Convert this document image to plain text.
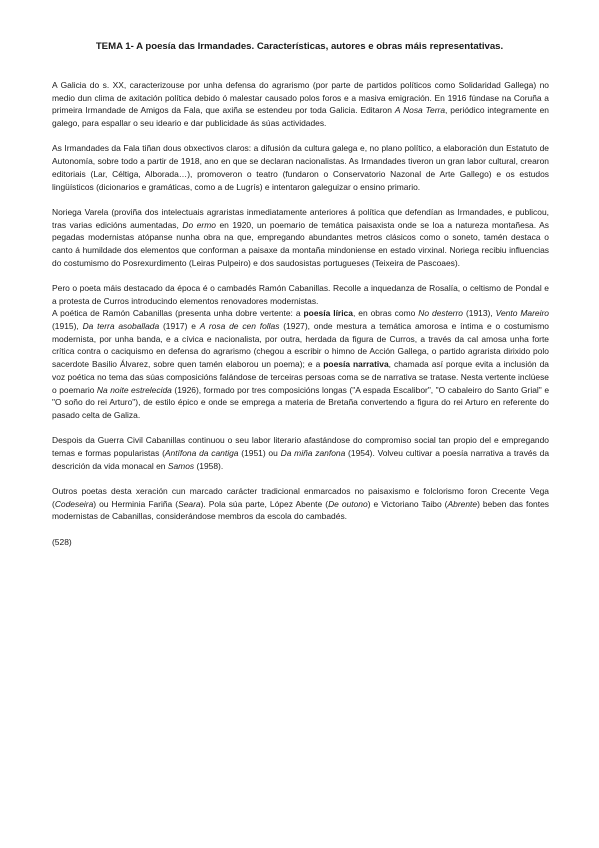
TEMA 1- A poesía das Irmandades. Características, autores e obras máis representativas.

A Galicia do s. XX, caracterizouse por unha defensa do agrarismo (por parte de partidos políticos como Solidaridad Gallega) no medio dun clima de axitación política debido ó malestar causado polos foros e a masiva emigración. En 1916 fúndase na Coruña a primeira Irmandade de Amigos da Fala, que axiña se estendeu por toda Galicia. Editaron A Nosa Terra, periódico integramente en galego, para espallar o seu ideario e dar publicidade ás súas actividades.

As Irmandades da Fala tiñan dous obxectivos claros: a difusión da cultura galega e, no plano político, a elaboración dun Estatuto de Autonomía, sobre todo a partir de 1918, ano en que se declaran nacionalistas. As Irmandades tiveron un gran labor cultural, crearon editoriais (Lar, Céltiga, Alborada…), promoveron o teatro (fundaron o Conservatorio Nazonal de Arte Gallego) e os estudos lingüísticos (dicionarios e gramáticas, como a de Lugrís) e intentaron galeguizar o ensino primario.

Noriega Varela (proviña dos intelectuais agraristas inmediatamente anteriores á política que defendían as Irmandades, e publicou, tras varias edicións aumentadas, Do ermo en 1920, un poemario de temática paisaxista onde se loa a natureza montañesa. As pegadas modernistas atópanse nunha obra na que, empregando abundantes metros clásicos como o soneto, tamén destaca o canto á humildade dos elementos que conforman a paisaxe da montaña mindoniense en estado virxinal. Noriega recibiu influencias do costumismo do Posrexurdimento (Leiras Pulpeiro) e dos saudosistas portugueses (Teixeira de Pascoaes).

Pero o poeta máis destacado da época é o cambadés Ramón Cabanillas. Recolle a inquedanza de Rosalía, o celtismo de Pondal e a protesta de Curros introducindo elementos renovadores modernistas.

A poética de Ramón Cabanillas (presenta unha dobre vertente: a poesía lírica, en obras como No desterro (1913), Vento Mareiro (1915), Da terra asoballada (1917) e A rosa de cen follas (1927), onde mestura a temática amorosa e íntima e o costumismo modernista, por unha banda, e a cívica e nacionalista, por outra, herdada da figura de Curros, a través da cal amosa unha forte crítica contra o caciquismo en defensa do agrarismo (chegou a escribir o himno de Acción Gallega, o partido agrarista dirixido polo sacerdote Basilio Álvarez, sobre quen tamén elaborou un poema); e a poesía narrativa, chamada así porque evita a inclusión da voz poética no tema das súas composicións falándose de terceiras persoas coma se de narrativa se tratase. Nesta vertente inclúese o poemario Na noite estrelecida (1926), formado por tres composicións longas ("A espada Escalibor", "O cabaleiro do Santo Grial" e "O soño do rei Arturo"), de estilo épico e onde se emprega a materia de Bretaña convertendo a figura do rei Arturo en referente do pasado celta de Galiza.

Despois da Guerra Civil Cabanillas continuou o seu labor literario afastándose do compromiso social tan propio del e empregando temas e formas popularistas (Antífona da cantiga (1951) ou Da miña zanfona (1954). Volveu cultivar a poesía narrativa a través da descrición da vida monacal en Samos (1958).

Outros poetas desta xeración cun marcado carácter tradicional enmarcados no paisaxismo e folclorismo foron Crecente Vega (Codeseira) ou Herminia Fariña (Seara). Pola súa parte, López Abente (De outono) e Victoriano Taibo (Abrente) beben das fontes modernistas de Cabanillas, considerándose membros da escola do cambadés.

(528)
